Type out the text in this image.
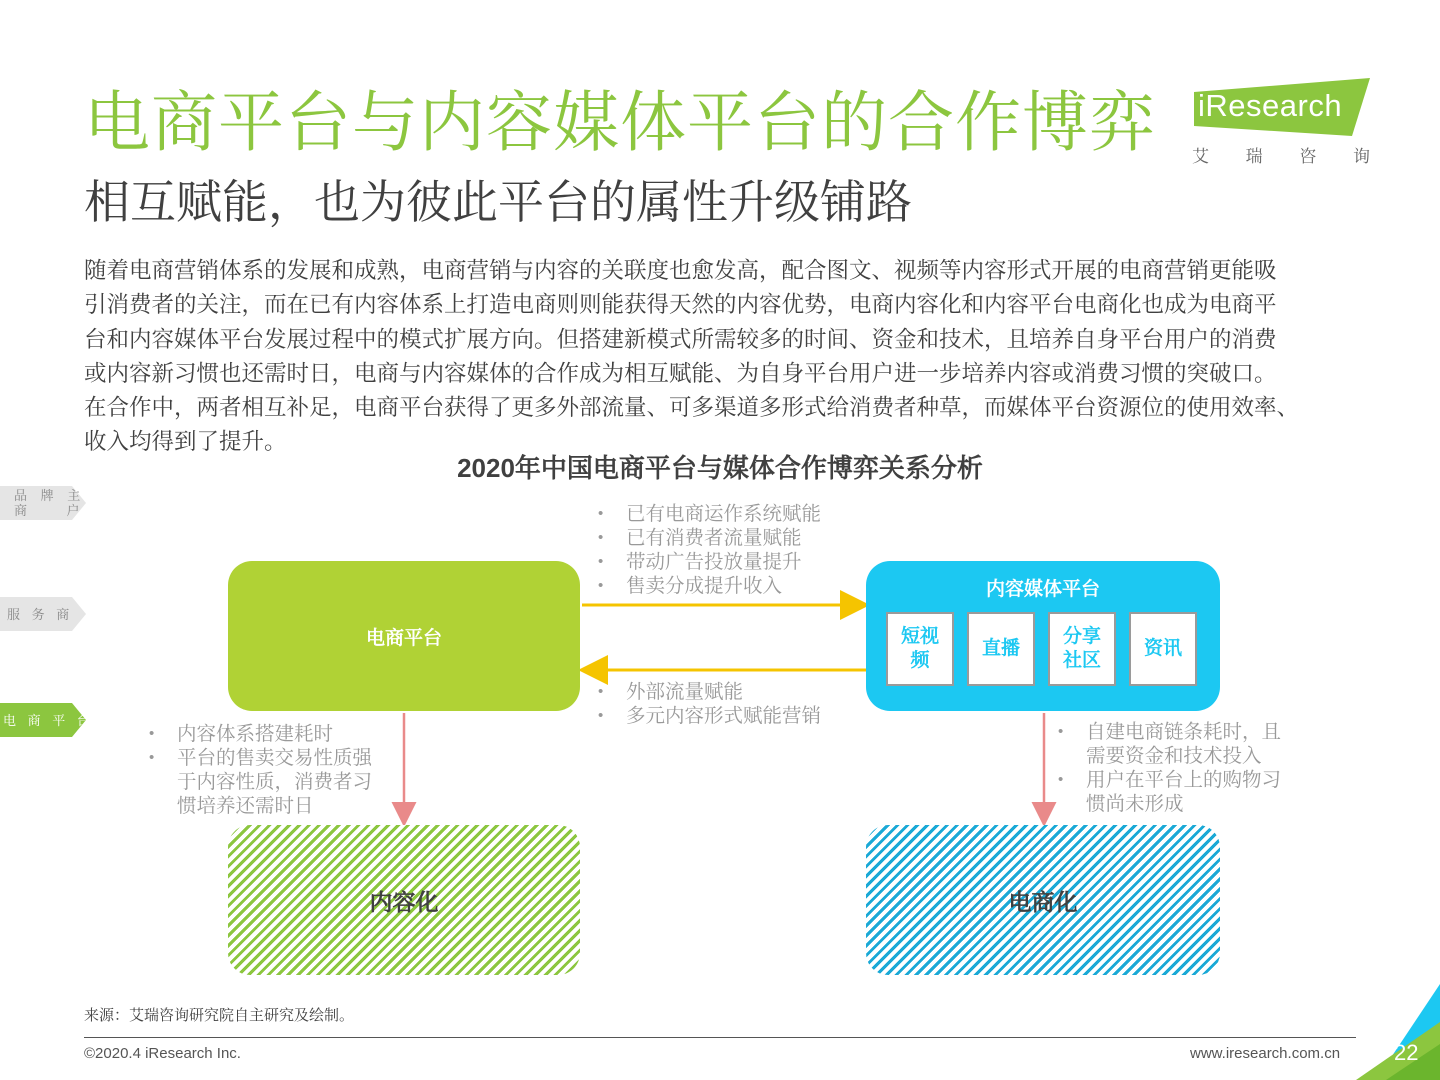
电商平台与内容媒体平台的合作博弈
相互赋能，也为彼此平台的属性升级铺路
iResearch
艾 瑞 咨 询
随着电商营销体系的发展和成熟，电商营销与内容的关联度也愈发高，配合图文、视频等内容形式开展的电商营销更能吸
引消费者的关注，而在已有内容体系上打造电商则则能获得天然的内容优势，电商内容化和内容平台电商化也成为电商平
台和内容媒体平台发展过程中的模式扩展方向。但搭建新模式所需较多的时间、资金和技术，且培养自身平台用户的消费
或内容新习惯也还需时日，电商与内容媒体的合作成为相互赋能、为自身平台用户进一步培养内容或消费习惯的突破口。
在合作中，两者相互补足，电商平台获得了更多外部流量、可多渠道多形式给消费者种草，而媒体平台资源位的使用效率、
收入均得到了提升。
2020年中国电商平台与媒体合作博弈关系分析
品 牌 主
商    户
服 务 商
电 商 平 台
电商平台
内容媒体平台
短视
频
直播
分享
社区
资讯
内容化	电商化
• 已有电商运作系统赋能
• 已有消费者流量赋能
• 带动广告投放量提升
• 售卖分成提升收入
• 外部流量赋能
• 多元内容形式赋能营销
• 内容体系搭建耗时
• 平台的售卖交易性质强
于内容性质，消费者习
惯培养还需时日
• 自建电商链条耗时，且
需要资金和技术投入
• 用户在平台上的购物习
惯尚未形成
来源：艾瑞咨询研究院自主研究及绘制。
©2020.4 iResearch Inc.	www.iresearch.com.cn 22
